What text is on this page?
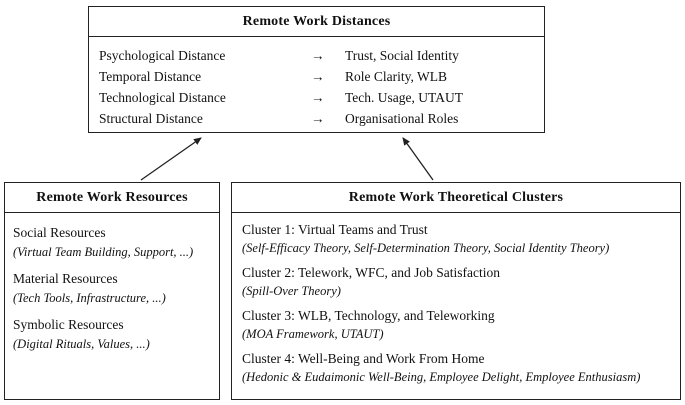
Remote Work Distances
Psychological Distance	→	Trust, Social Identity
Temporal Distance	→	Role Clarity, WLB
Technological Distance	→	Tech. Usage, UTAUT
Structural Distance	→	Organisational Roles
Remote Work Resources
Social Resources
(Virtual Team Building, Support, ...)
Material Resources
(Tech Tools, Infrastructure, ...)
Symbolic Resources
(Digital Rituals, Values, ...)
Remote Work Theoretical Clusters
Cluster 1: Virtual Teams and Trust
(Self-Efficacy Theory, Self-Determination Theory, Social Identity Theory)
Cluster 2: Telework, WFC, and Job Satisfaction
(Spill-Over Theory)
Cluster 3: WLB, Technology, and Teleworking
(MOA Framework, UTAUT)
Cluster 4: Well-Being and Work From Home
(Hedonic & Eudaimonic Well-Being, Employee Delight, Employee Enthusiasm)
